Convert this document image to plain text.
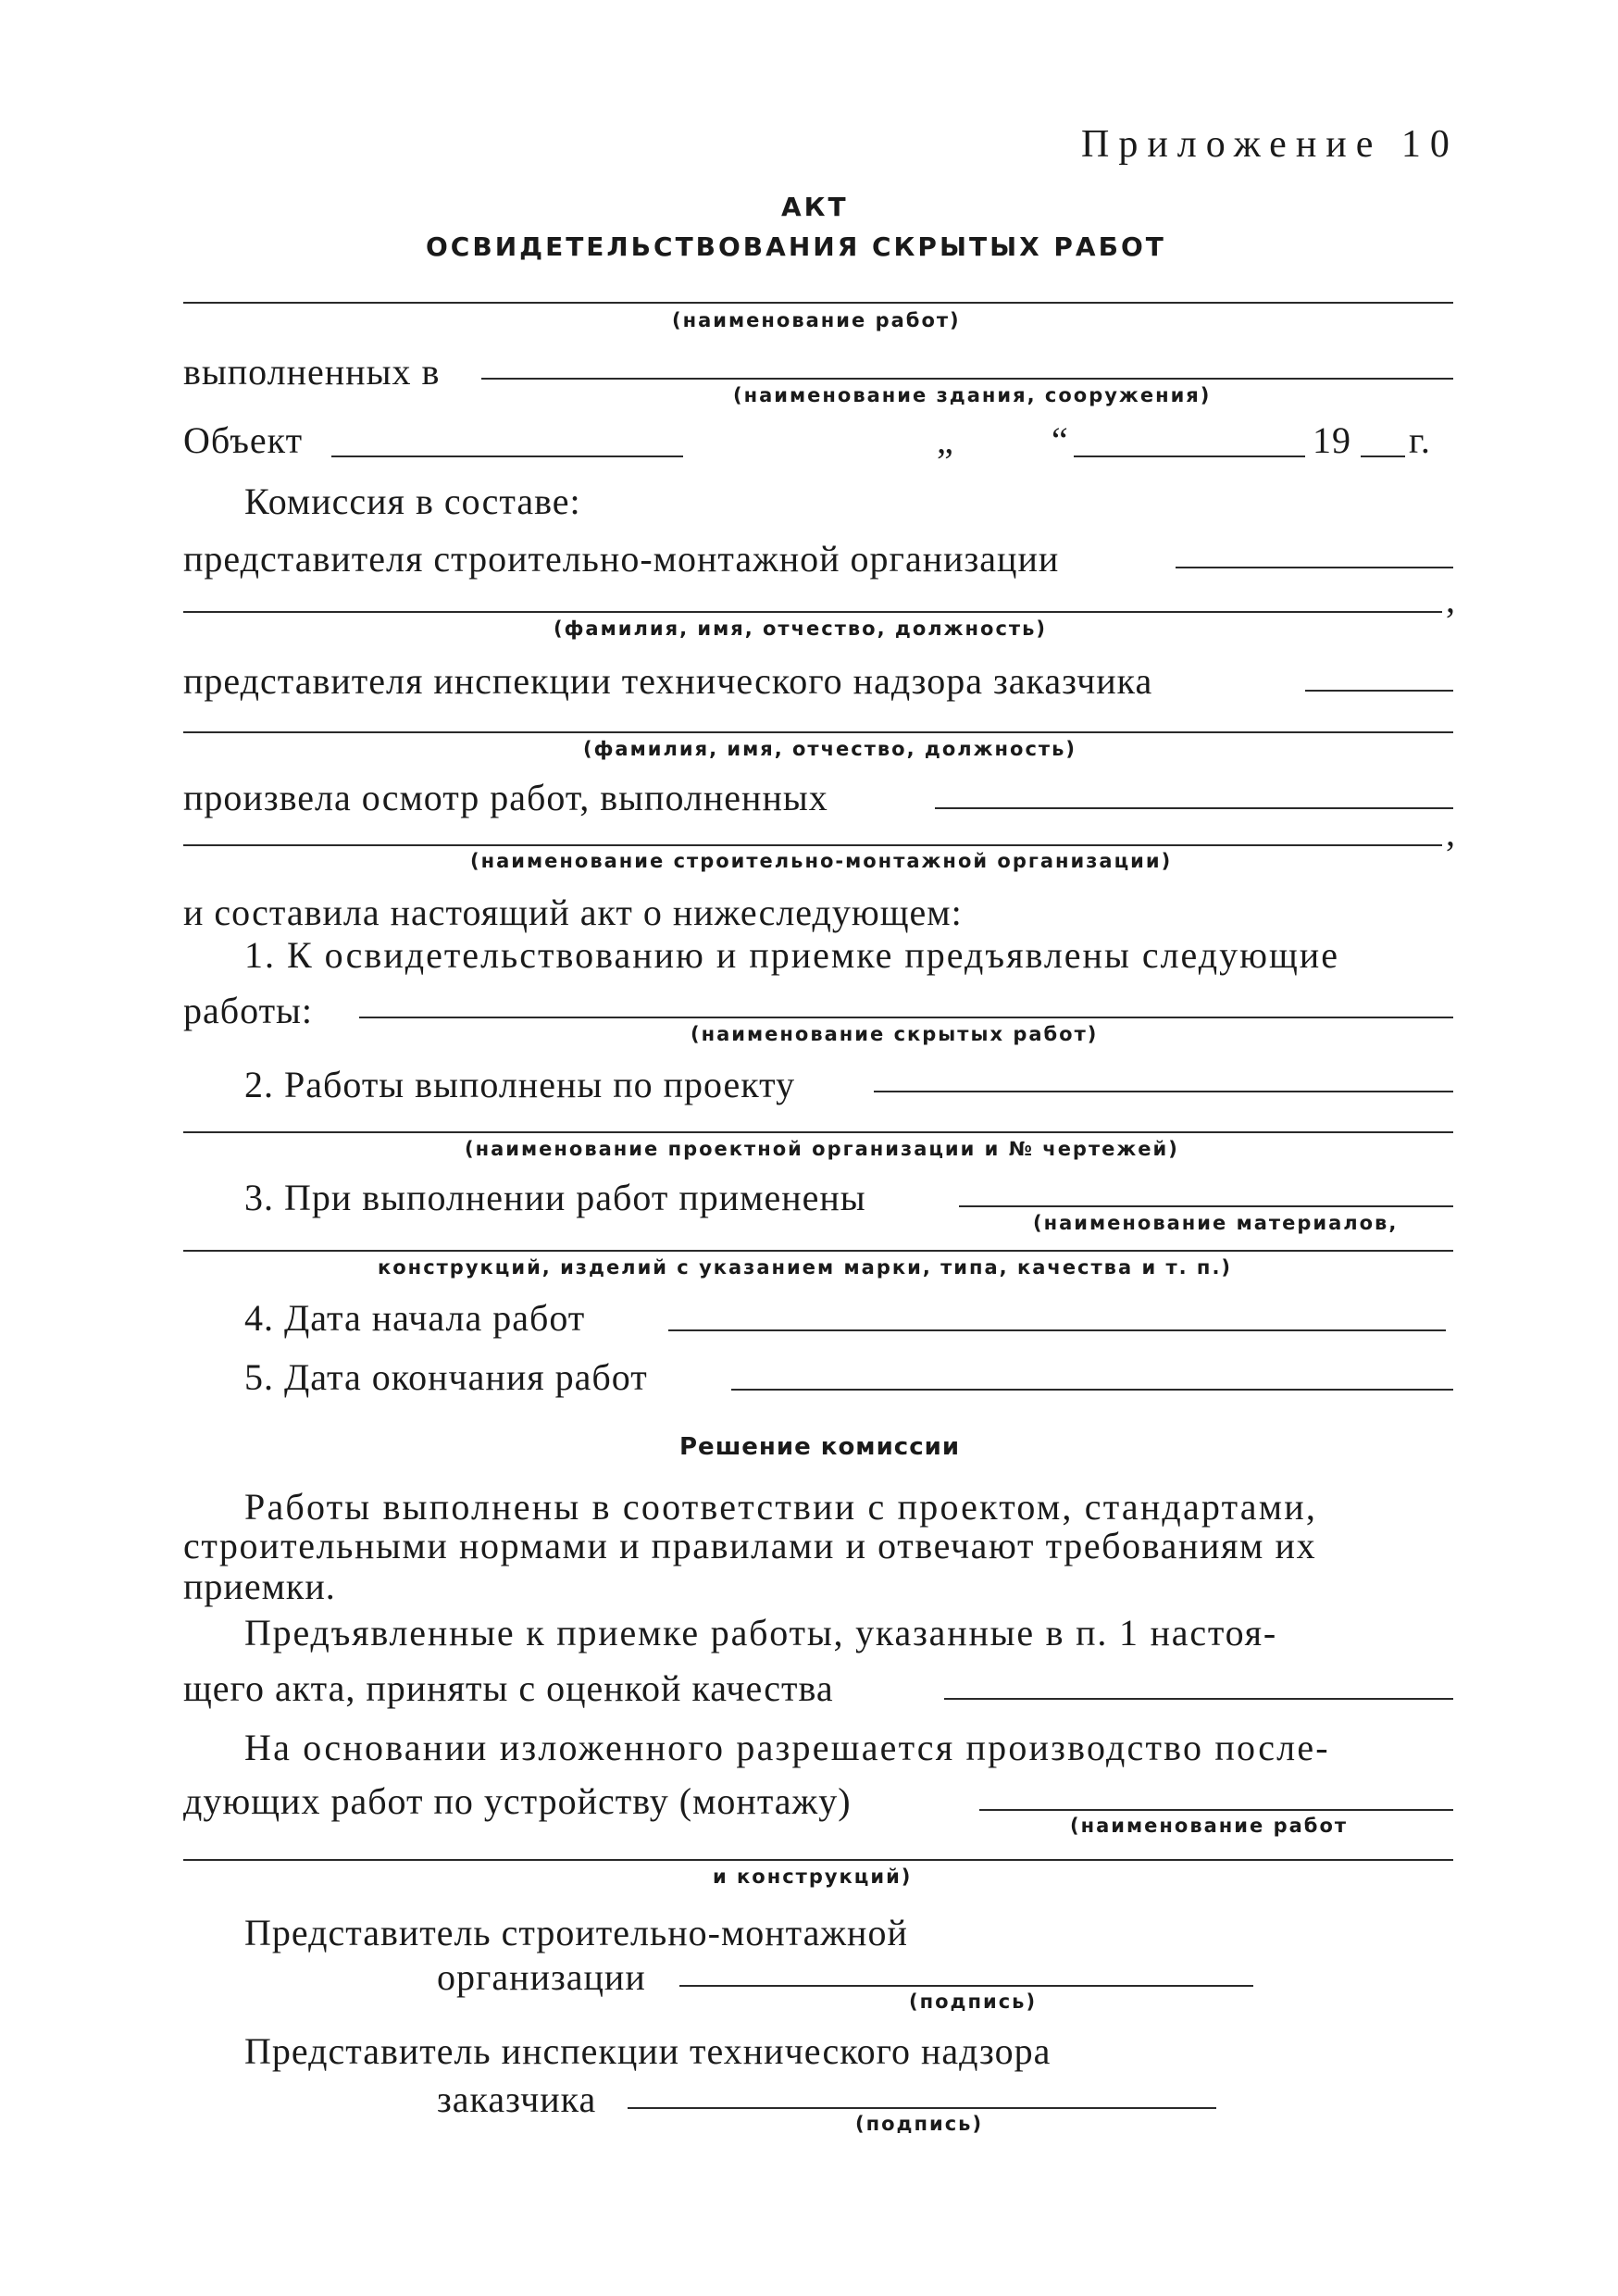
Приложение 10
АКТ
ОСВИДЕТЕЛЬСТВОВАНИЯ СКРЫТЫХ РАБОТ
(наименование работ)
выполненных в
(наименование здания, сооружения)
Объект	„	“	19 г.
Комиссия в составе:
представителя строительно-монтажной организации
,
(фамилия, имя, отчество, должность)
представителя инспекции технического надзора заказчика
(фамилия, имя, отчество, должность)
произвела осмотр работ, выполненных
,
(наименование строительно-монтажной организации)
и составила настоящий акт о нижеследующем:
1. К освидетельствованию и приемке предъявлены следующие
работы:
(наименование скрытых работ)
2. Работы выполнены по проекту
(наименование проектной организации и № чертежей)
3. При выполнении работ применены
(наименование материалов,
конструкций, изделий с указанием марки, типа, качества и т. п.)
4. Дата начала работ
5. Дата окончания работ
Решение комиссии
Работы выполнены в соответствии с проектом, стандартами,
строительными нормами и правилами и отвечают требованиям их
приемки.
Предъявленные к приемке работы, указанные в п. 1 настоя-
щего акта, приняты с оценкой качества
На основании изложенного разрешается производство после-
дующих работ по устройству (монтажу)
(наименование работ
и конструкций)
Представитель строительно-монтажной
организации
(подпись)
Представитель инспекции технического надзора
заказчика
(подпись)
